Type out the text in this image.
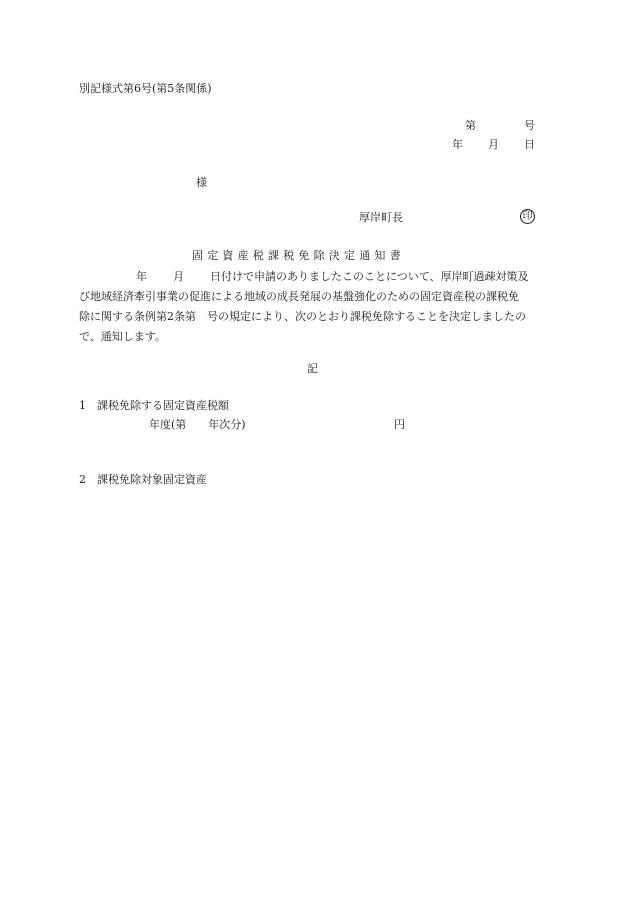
別記様式第6号(第5条関係)
第	号
年 月 日
様
厚岸町長	印
固定資産税課税免除決定通知書
年 月 日付けで申請のありましたこのことについて、厚岸町過疎対策及
び地域経済牽引事業の促進による地域の成長発展の基盤強化のための固定資産税の課税免
除に関する条例第2条第　号の規定により、次のとおり課税免除することを決定しましたの
で、通知します。
記
1　課税免除する固定資産税額
年度(第　　年次分)	円
2　課税免除対象固定資産
